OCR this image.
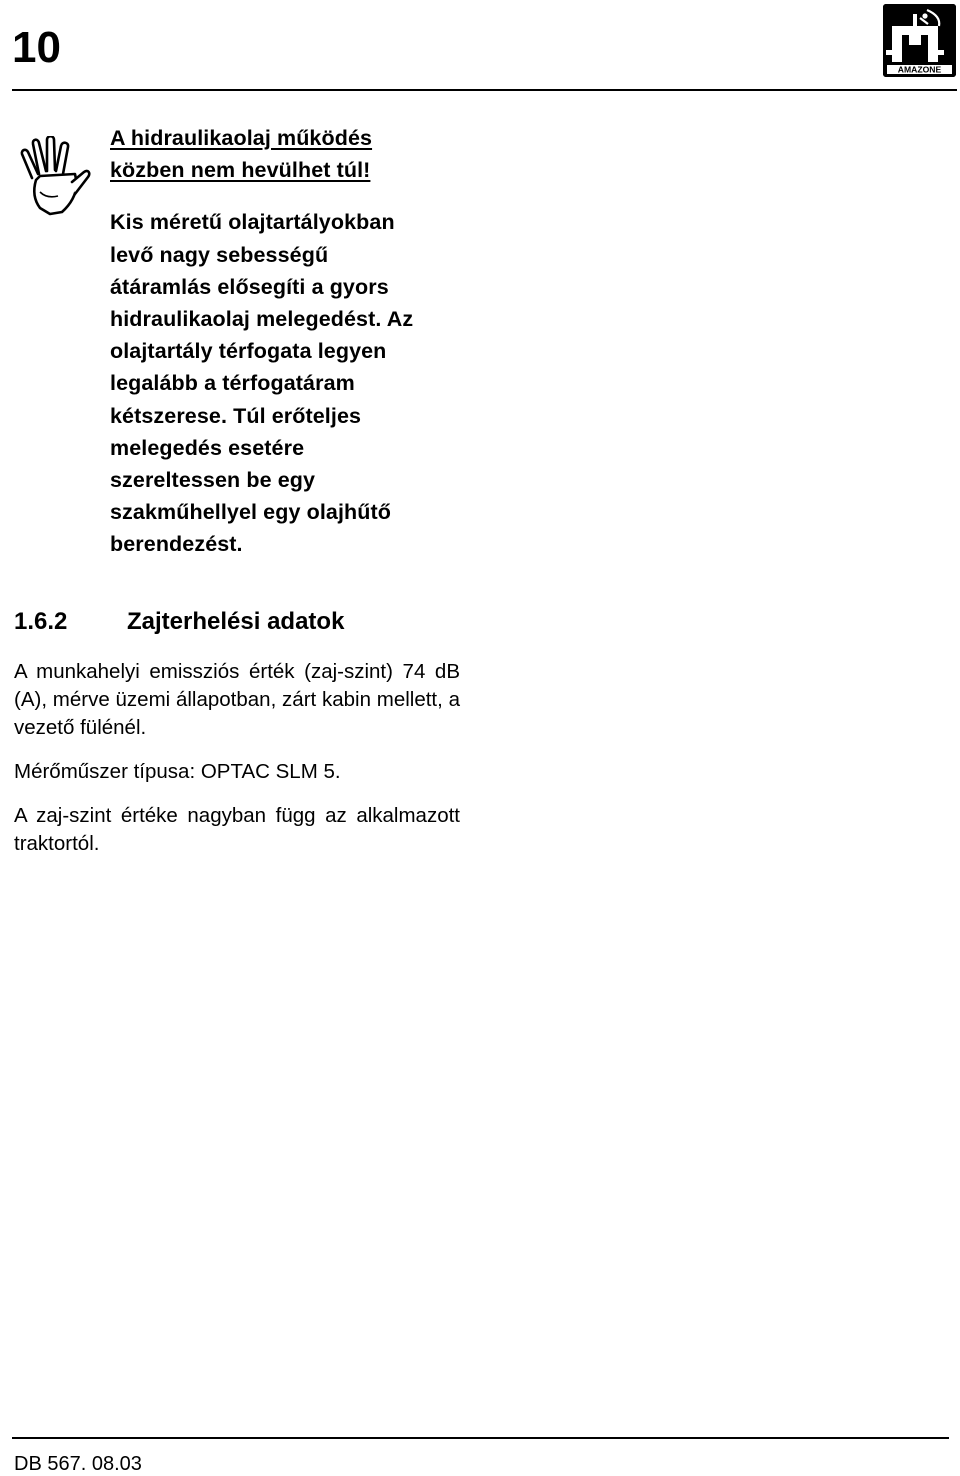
10	AMAZONE
A hidraulikaolaj működés
közben nem hevülhet túl!
Kis méretű olajtartályokban
levő nagy sebességű
átáramlás elősegíti a gyors
hidraulikaolaj melegedést. Az
olajtartály térfogata legyen
legalább a térfogatáram
kétszerese. Túl erőteljes
melegedés esetére
szereltessen be egy
szakműhellyel egy olajhűtő
berendezést.
1.6.2 Zajterhelési adatok

A munkahelyi emissziós érték (zaj-szint) 74 dB (A), mérve üzemi állapotban, zárt kabin mellett, a vezető fülénél.

Mérőműszer típusa: OPTAC SLM 5.

A zaj-szint értéke nagyban függ az alkalmazott traktortól.

DB 567. 08.03
